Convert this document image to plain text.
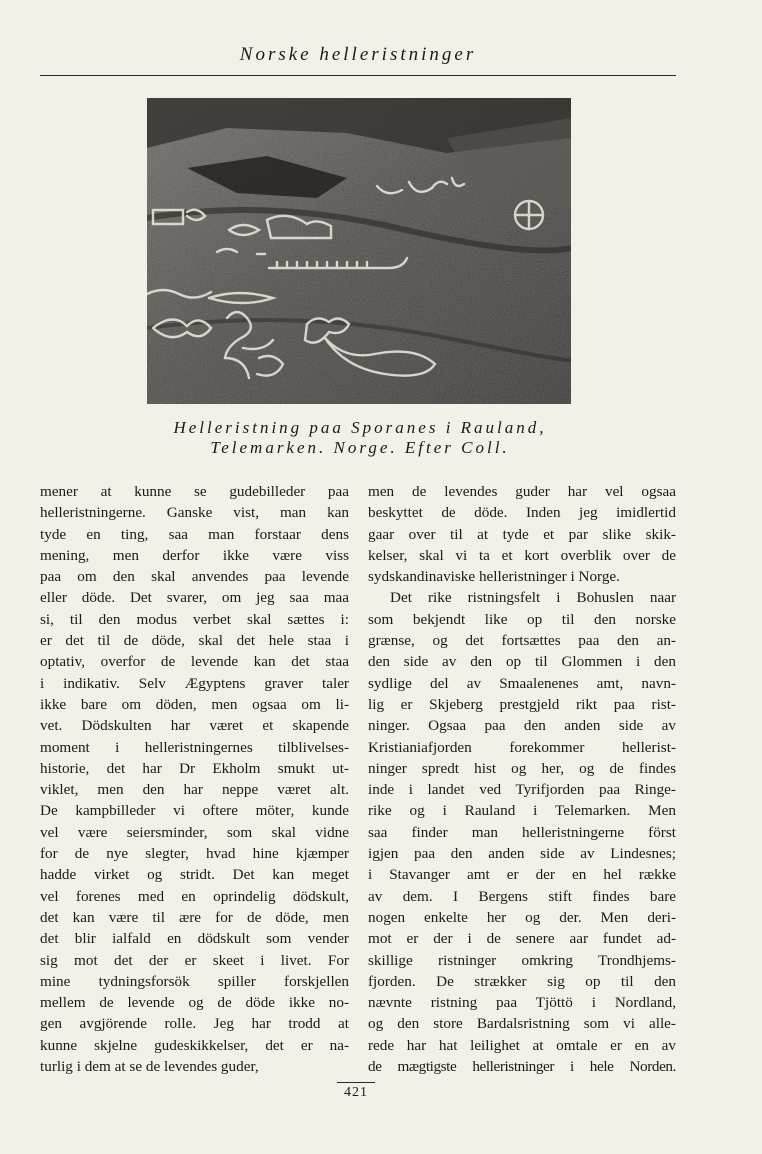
Norske helleristninger
Helleristning paa Sporanes i Rauland,
Telemarken. Norge. Efter Coll.
mener at kunne se gudebilleder paa
helleristningerne. Ganske vist, man kan
tyde en ting, saa man forstaar dens
mening, men derfor ikke være viss
paa om den skal anvendes paa levende
eller döde. Det svarer, om jeg saa maa
si, til den modus verbet skal sættes i:
er det til de döde, skal det hele staa i
optativ, overfor de levende kan det staa
i indikativ. Selv Ægyptens graver taler
ikke bare om döden, men ogsaa om li-
vet. Dödskulten har været et skapende
moment i helleristningernes tilblivelses-
historie, det har Dr Ekholm smukt ut-
viklet, men den har neppe været alt.
De kampbilleder vi oftere möter, kunde
vel være seiersminder, som skal vidne
for de nye slegter, hvad hine kjæmper
hadde virket og stridt. Det kan meget
vel forenes med en oprindelig dödskult,
det kan være til ære for de döde, men
det blir ialfald en dödskult som vender
sig mot det der er skeet i livet. For
mine tydningsforsök spiller forskjellen
mellem de levende og de döde ikke no-
gen avgjörende rolle. Jeg har trodd at
kunne skjelne gudeskikkelser, det er na-
turlig i dem at se de levendes guder,
men de levendes guder har vel ogsaa
beskyttet de döde. Inden jeg imidlertid
gaar over til at tyde et par slike skik-
kelser, skal vi ta et kort overblik over de
sydskandinaviske helleristninger i Norge.
Det rike ristningsfelt i Bohuslen naar
som bekjendt like op til den norske
grænse, og det fortsættes paa den an-
den side av den op til Glommen i den
sydlige del av Smaalenenes amt, navn-
lig er Skjeberg prestgjeld rikt paa rist-
ninger. Ogsaa paa den anden side av
Kristianiafjorden forekommer hellerist-
ninger spredt hist og her, og de findes
inde i landet ved Tyrifjorden paa Ringe-
rike og i Rauland i Telemarken. Men
saa finder man helleristningerne först
igjen paa den anden side av Lindesnes;
i Stavanger amt er der en hel række
av dem. I Bergens stift findes bare
nogen enkelte her og der. Men deri-
mot er der i de senere aar fundet ad-
skillige ristninger omkring Trondhjems-
fjorden. De strækker sig op til den
nævnte ristning paa Tjöttö i Nordland,
og den store Bardalsristning som vi alle-
rede har hat leilighet at omtale er en av
de mægtigste helleristninger i hele Norden.
421
